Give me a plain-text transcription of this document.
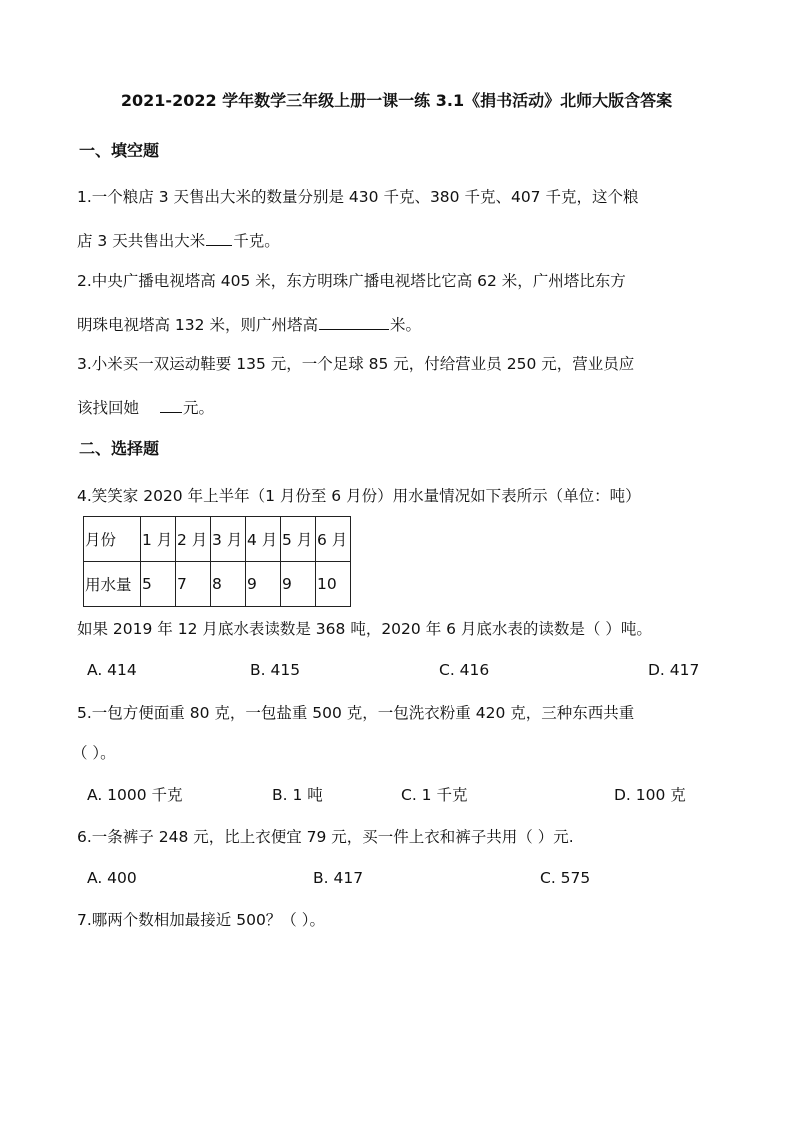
2021-2022 学年数学三年级上册一课一练 3.1《捐书活动》北师大版含答案
一、填空题
1.一个粮店 3 天售出大米的数量分别是 430 千克、380 千克、407 千克，这个粮
店 3 天共售出大米 千克。
2.中央广播电视塔高 405 米，东方明珠广播电视塔比它高 62 米，广州塔比东方
明珠电视塔高 132 米，则广州塔高	米。
3.小米买一双运动鞋要 135 元，一个足球 85 元，付给营业员 250 元，营业员应
该找回她	元。
二、选择题
4.笑笑家 2020 年上半年（1 月份至 6 月份）用水量情况如下表所示（单位：吨）
月份	1 月	2 月	3 月	4 月	5 月	6 月
用水量	5	7	8	9	9	10
如果 2019 年 12 月底水表读数是 368 吨，2020 年 6 月底水表的读数是（ ）吨。
A. 414	B. 415	C. 416	D. 417
5.一包方便面重 80 克，一包盐重 500 克，一包洗衣粉重 420 克，三种东西共重
（ ）。
A. 1000 千克	B. 1 吨	C. 1 千克	D. 100 克
6.一条裤子 248 元，比上衣便宜 79 元，买一件上衣和裤子共用（ ）元.
A. 400	B. 417	C. 575
7.哪两个数相加最接近 500？（ ）。
